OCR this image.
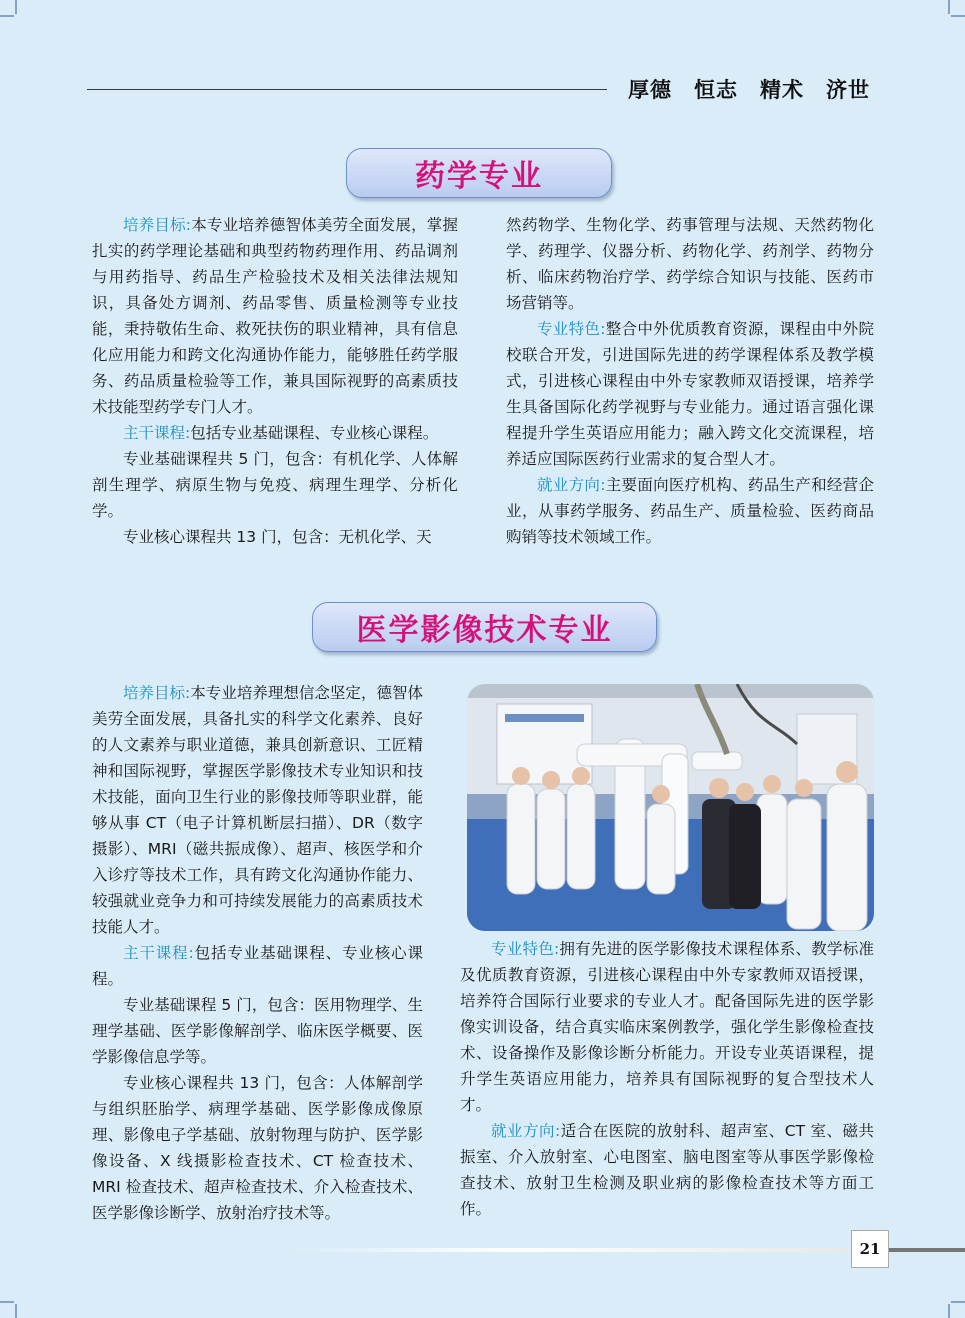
厚德 恒志 精术 济世
药学专业

培养目标:本专业培养德智体美劳全面发展，掌握扎实的药学理论基础和典型药物药理作用、药品调剂与用药指导、药品生产检验技术及相关法律法规知识，具备处方调剂、药品零售、质量检测等专业技能，秉持敬佑生命、救死扶伤的职业精神，具有信息化应用能力和跨文化沟通协作能力，能够胜任药学服务、药品质量检验等工作，兼具国际视野的高素质技术技能型药学专门人才。

主干课程:包括专业基础课程、专业核心课程。

专业基础课程共 5 门，包含：有机化学、人体解剖生理学、病原生物与免疫、病理生理学、分析化学。

专业核心课程共 13 门，包含：无机化学、天

然药物学、生物化学、药事管理与法规、天然药物化学、药理学、仪器分析、药物化学、药剂学、药物分析、临床药物治疗学、药学综合知识与技能、医药市场营销等。

专业特色:整合中外优质教育资源，课程由中外院校联合开发，引进国际先进的药学课程体系及教学模式，引进核心课程由中外专家教师双语授课，培养学生具备国际化药学视野与专业能力。通过语言强化课程提升学生英语应用能力；融入跨文化交流课程，培养适应国际医药行业需求的复合型人才。

就业方向:主要面向医疗机构、药品生产和经营企业，从事药学服务、药品生产、质量检验、医药商品购销等技术领域工作。

医学影像技术专业

培养目标:本专业培养理想信念坚定，德智体美劳全面发展，具备扎实的科学文化素养、良好的人文素养与职业道德，兼具创新意识、工匠精神和国际视野，掌握医学影像技术专业知识和技术技能，面向卫生行业的影像技师等职业群，能够从事 CT（电子计算机断层扫描）、DR（数字摄影）、MRI（磁共振成像）、超声、核医学和介入诊疗等技术工作，具有跨文化沟通协作能力、较强就业竞争力和可持续发展能力的高素质技术技能人才。

主干课程:包括专业基础课程、专业核心课程。

专业基础课程 5 门，包含：医用物理学、生理学基础、医学影像解剖学、临床医学概要、医学影像信息学等。

专业核心课程共 13 门，包含：人体解剖学与组织胚胎学、病理学基础、医学影像成像原理、影像电子学基础、放射物理与防护、医学影像设备、X 线摄影检查技术、CT 检查技术、MRI 检查技术、超声检查技术、介入检查技术、医学影像诊断学、放射治疗技术等。

专业特色:拥有先进的医学影像技术课程体系、教学标准及优质教育资源，引进核心课程由中外专家教师双语授课，培养符合国际行业要求的专业人才。配备国际先进的医学影像实训设备，结合真实临床案例教学，强化学生影像检查技术、设备操作及影像诊断分析能力。开设专业英语课程，提升学生英语应用能力，培养具有国际视野的复合型技术人才。

就业方向:适合在医院的放射科、超声室、CT 室、磁共振室、介入放射室、心电图室、脑电图室等从事医学影像检查技术、放射卫生检测及职业病的影像检查技术等方面工作。

21
